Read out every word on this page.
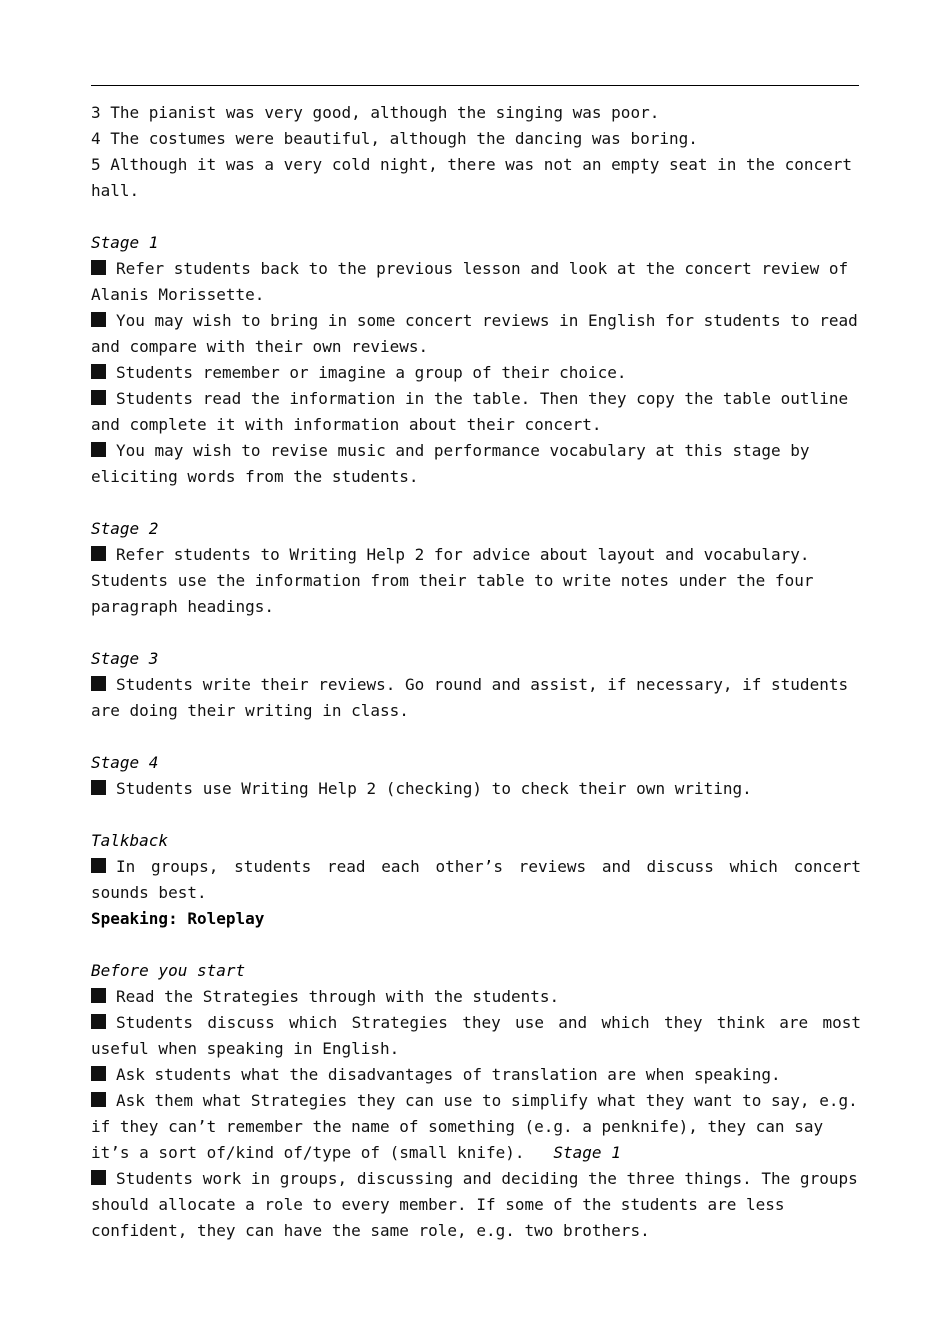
3 The pianist was very good, although the singing was poor.

4 The costumes were beautiful, although the dancing was boring.

5 Although it was a very cold night, there was not an empty seat in the concert

hall.

Stage 1

Refer students back to the previous lesson and look at the concert review of

Alanis Morissette.

You may wish to bring in some concert reviews in English for students to read

and compare with their own reviews.

Students remember or imagine a group of their choice.

Students read the information in the table. Then they copy the table outline

and complete it with information about their concert.

You may wish to revise music and performance vocabulary at this stage by

eliciting words from the students.

Stage 2

Refer students to Writing Help 2 for advice about layout and vocabulary.

Students use the information from their table to write notes under the four

paragraph headings.

Stage 3

Students write their reviews. Go round and assist, if necessary, if students

are doing their writing in class.

Stage 4

Students use Writing Help 2 (checking) to check their own writing.

Talkback

In groups, students read each other’s reviews and discuss which concert

sounds best.

Speaking: Roleplay

Before you start

Read the Strategies through with the students.

Students discuss which Strategies they use and which they think are most

useful when speaking in English.

Ask students what the disadvantages of translation are when speaking.

Ask them what Strategies they can use to simplify what they want to say, e.g.

if they can’t remember the name of something (e.g. a penknife), they can say

it’s a sort of/kind of/type of (small knife). Stage 1

Students work in groups, discussing and deciding the three things. The groups

should allocate a role to every member. If some of the students are less

confident, they can have the same role, e.g. two brothers.
